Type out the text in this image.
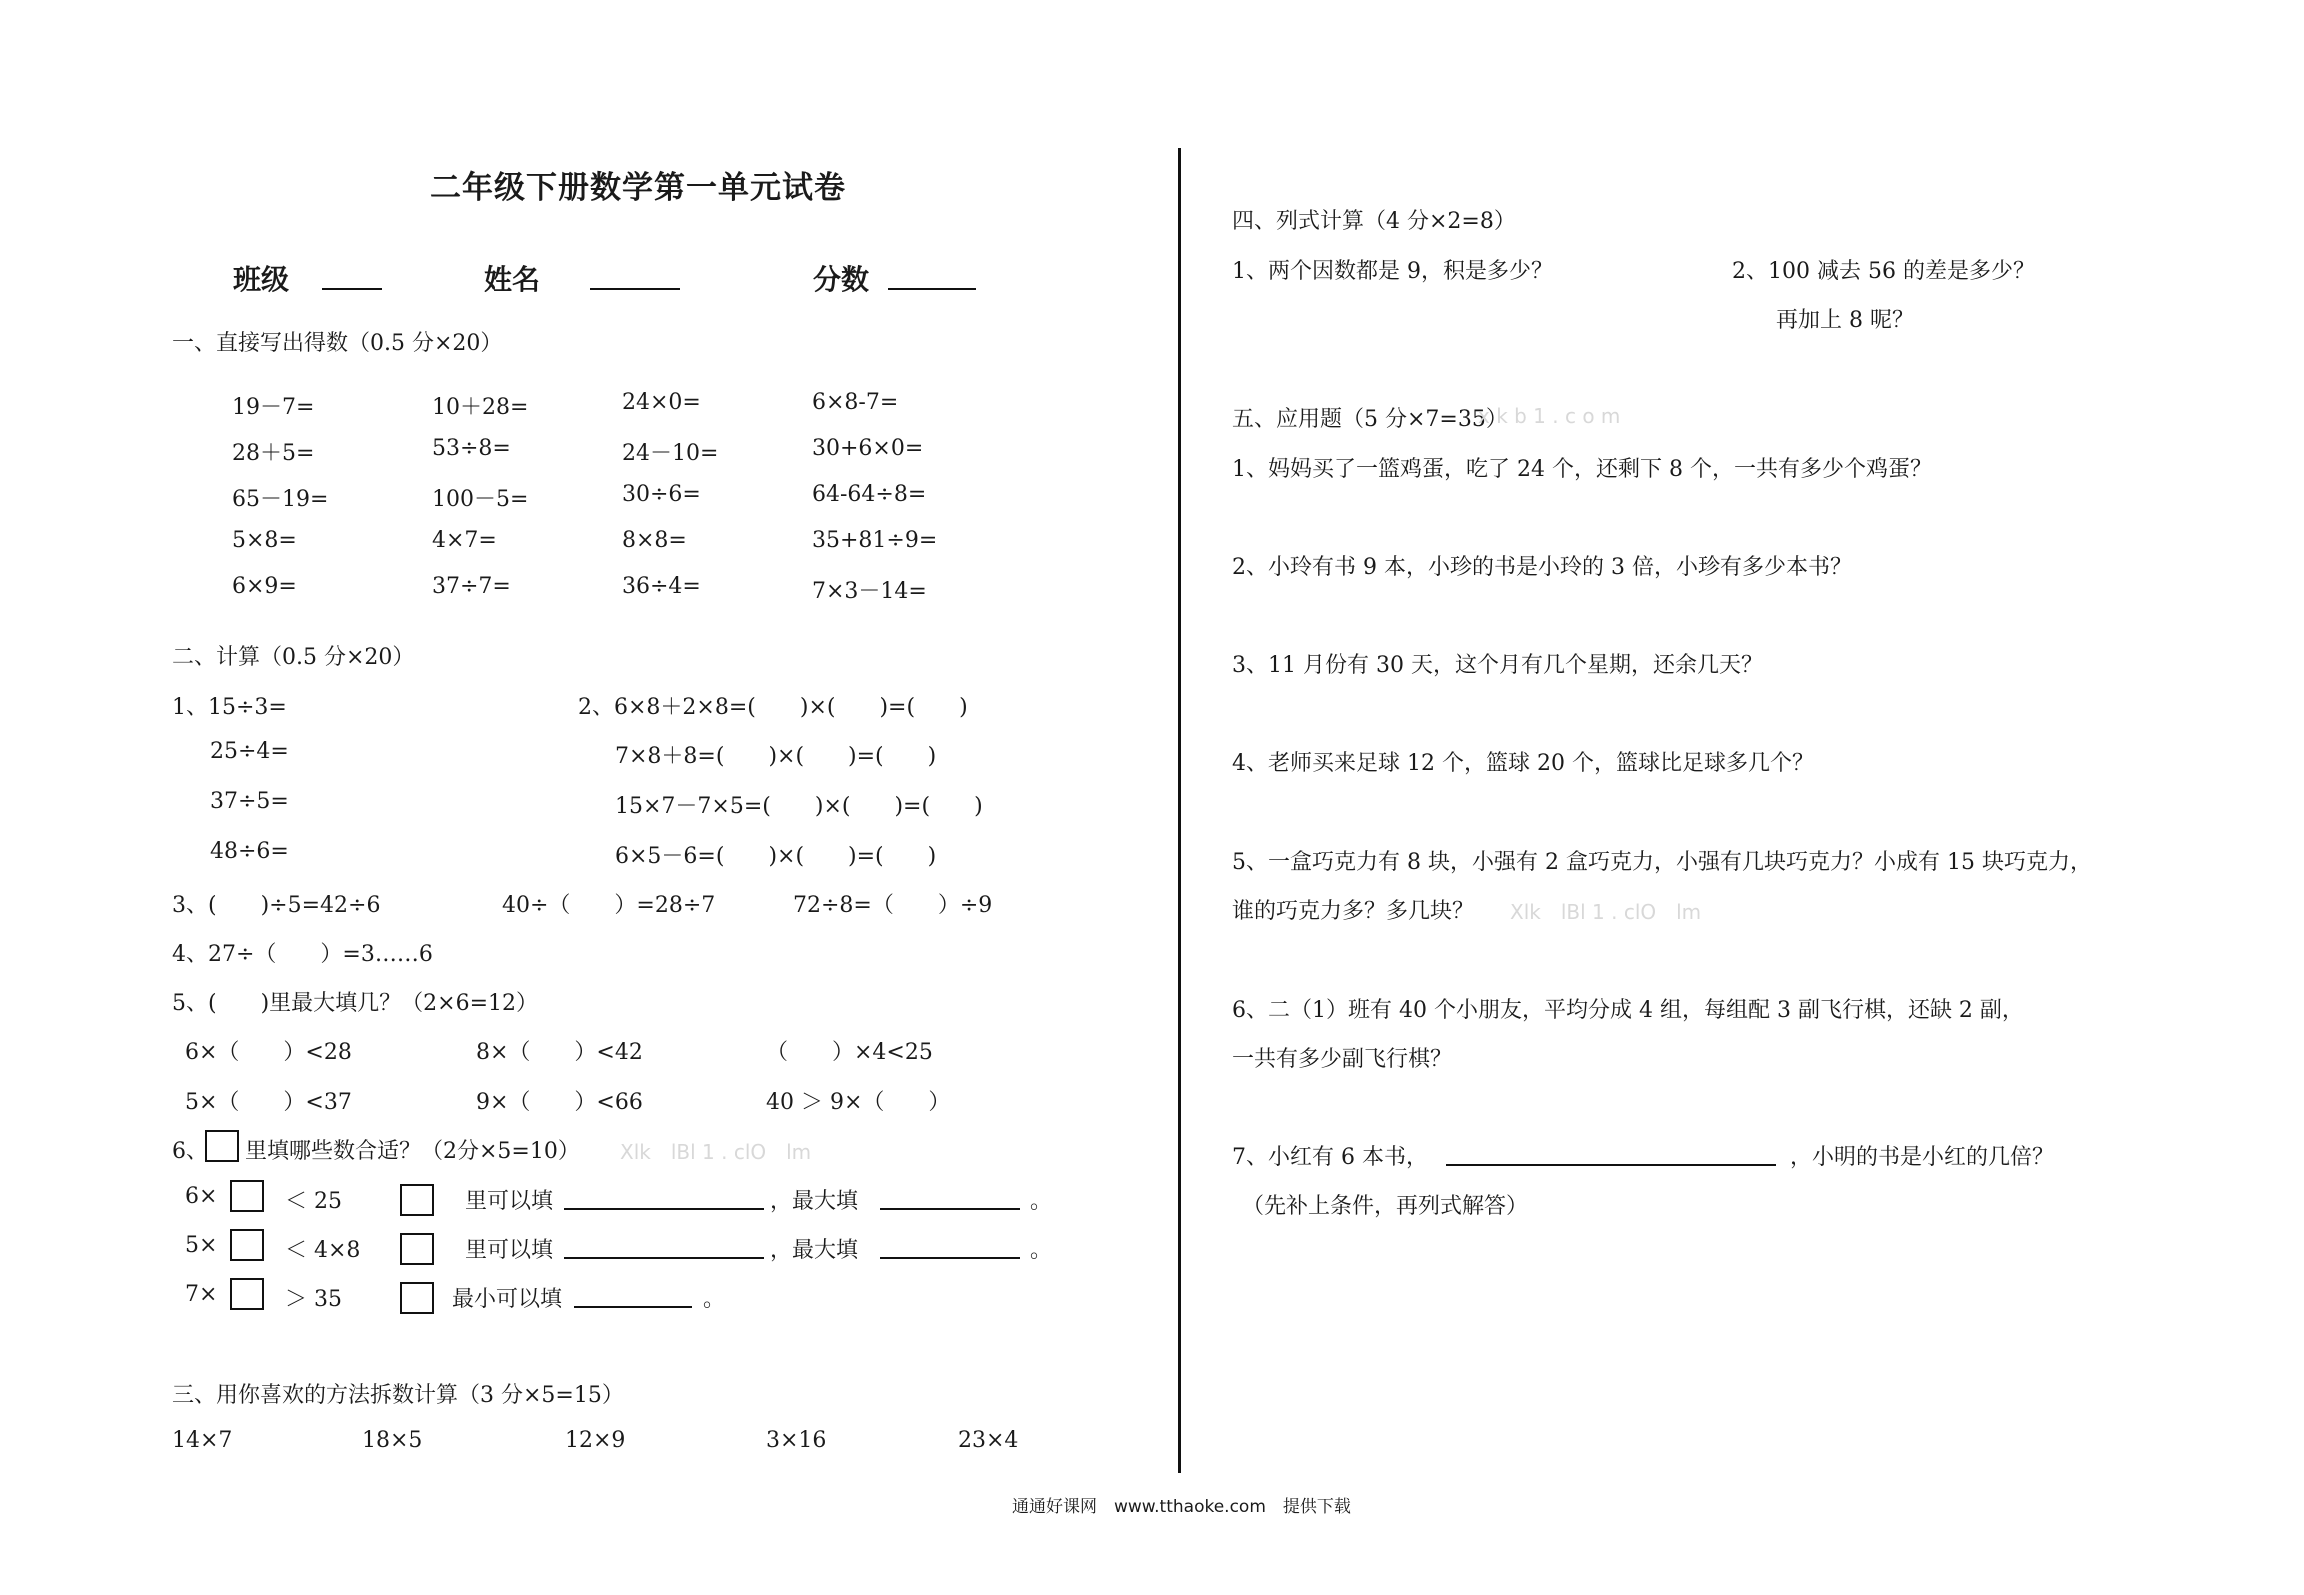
二年级下册数学第一单元试卷
班级	姓名	分数
一、直接写出得数（0.5 分×20）
19－7=	10＋28=	24×0=	6×8-7=
28＋5=	53÷8=	24－10=	30+6×0=
65－19=	100－5=	30÷6=	64-64÷8=
5×8=	4×7=	8×8=	35+81÷9=
6×9=	37÷7=	36÷4=	7×3－14=
二、计算（0.5 分×20）
1、15÷3=
25÷4=
37÷5=
48÷6=
2、6×8＋2×8=(　　)×(　　)=(　　)
7×8＋8=(　　)×(　　)=(　　)
15×7－7×5=(　　)×(　　)=(　　)
6×5－6=(　　)×(　　)=(　　)
3、(　　)÷5=42÷6	40÷（　　）=28÷7	72÷8=（　　）÷9
4、27÷（　　）=3……6
5、(　　)里最大填几？（2×6=12）
6×（　　）<28	8×（　　）<42	（　　）×4<25
5×（　　）<37	9×（　　）<66	40 ＞ 9×（　　）
6、 里填哪些数合适？（2分×5=10） Xlk　lBl 1 . clO　lm
6×	＜ 25	里可以填	，最大填	。
5×	＜ 4×8	里可以填	，最大填	。
7×	＞ 35	最小可以填	。
三、用你喜欢的方法拆数计算（3 分×5=15）
14×7	18×5	12×9	3×16	23×4
四、列式计算（4 分×2=8）
1、两个因数都是 9，积是多少？	2、100 减去 56 的差是多少？
再加上 8 呢？
五、应用题（5 分×7=35）
x k b 1 . c o m
1、妈妈买了一篮鸡蛋，吃了 24 个，还剩下 8 个，一共有多少个鸡蛋？
2、小玲有书 9 本，小珍的书是小玲的 3 倍，小珍有多少本书？
3、11 月份有 30 天，这个月有几个星期，还余几天？
4、老师买来足球 12 个，篮球 20 个，篮球比足球多几个？
5、一盒巧克力有 8 块，小强有 2 盒巧克力，小强有几块巧克力？小成有 15 块巧克力，
谁的巧克力多？多几块？ Xlk　lBl 1 . clO　lm
6、二（1）班有 40 个小朋友，平均分成 4 组，每组配 3 副飞行棋，还缺 2 副，
一共有多少副飞行棋？
7、小红有 6 本书，	，小明的书是小红的几倍？
（先补上条件，再列式解答）
通通好课网　www.tthaoke.com　提供下载
